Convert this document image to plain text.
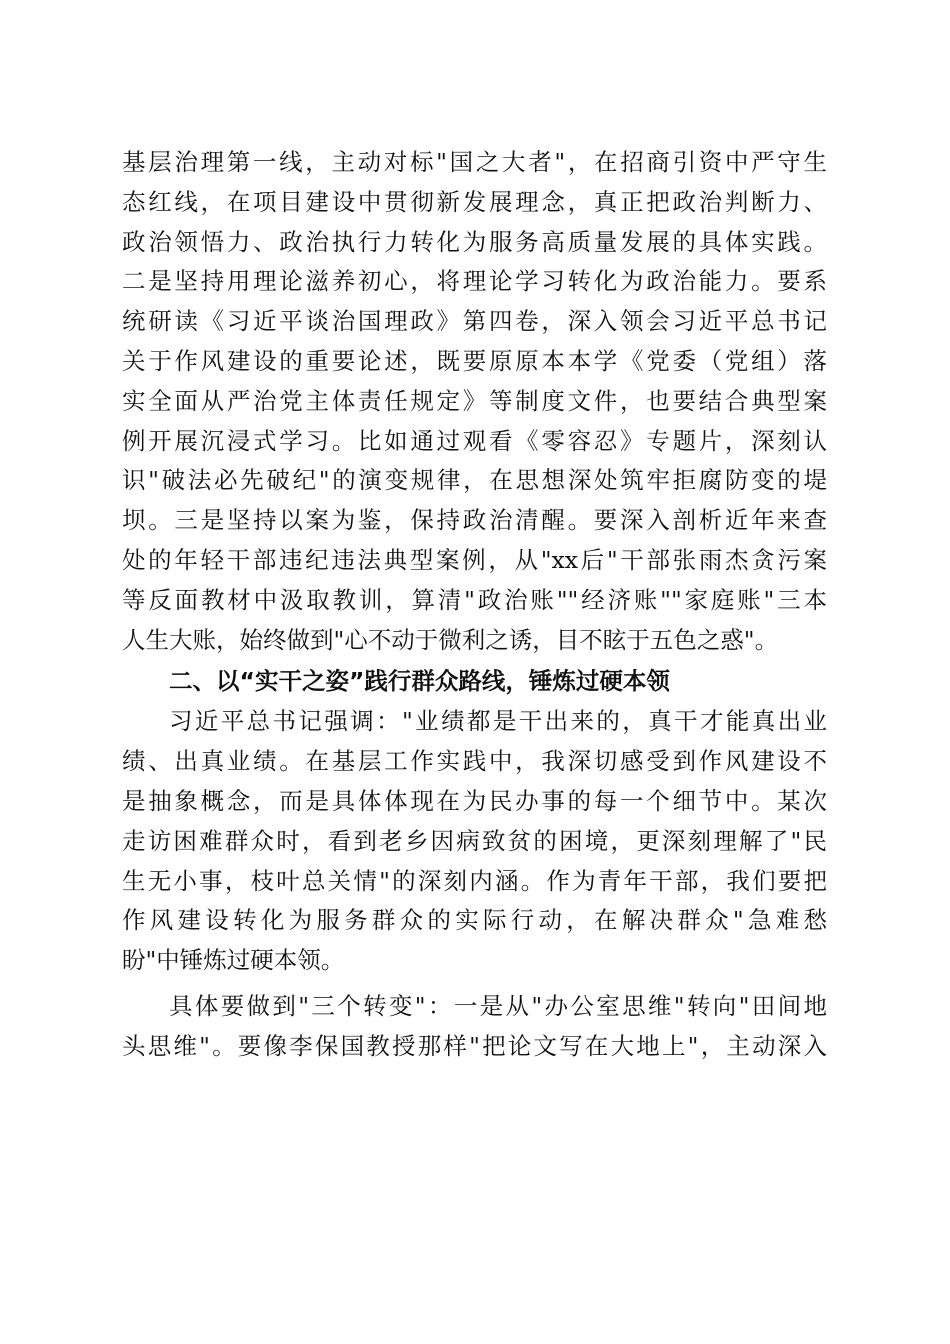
基层治理第一线，主动对标"国之大者"，在招商引资中严守生
态红线，在项目建设中贯彻新发展理念，真正把政治判断力、
政治领悟力、政治执行力转化为服务高质量发展的具体实践。
二是坚持用理论滋养初心，将理论学习转化为政治能力。要系
统研读《习近平谈治国理政》第四卷，深入领会习近平总书记
关于作风建设的重要论述，既要原原本本学《党委（党组）落
实全面从严治党主体责任规定》等制度文件，也要结合典型案
例开展沉浸式学习。比如通过观看《零容忍》专题片，深刻认
识"破法必先破纪"的演变规律，在思想深处筑牢拒腐防变的堤
坝。三是坚持以案为鉴，保持政治清醒。要深入剖析近年来查
处的年轻干部违纪违法典型案例，从"xx后"干部张雨杰贪污案
等反面教材中汲取教训，算清"政治账""经济账""家庭账"三本
人生大账，始终做到"心不动于微利之诱，目不眩于五色之惑"。
二、以“实干之姿”践行群众路线，锤炼过硬本领
习近平总书记强调："业绩都是干出来的，真干才能真出业
绩、出真业绩。在基层工作实践中，我深切感受到作风建设不
是抽象概念，而是具体体现在为民办事的每一个细节中。某次
走访困难群众时，看到老乡因病致贫的困境，更深刻理解了"民
生无小事，枝叶总关情"的深刻内涵。作为青年干部，我们要把
作风建设转化为服务群众的实际行动，在解决群众"急难愁
盼"中锤炼过硬本领。
具体要做到"三个转变"：一是从"办公室思维"转向"田间地
头思维"。要像李保国教授那样"把论文写在大地上"，主动深入
